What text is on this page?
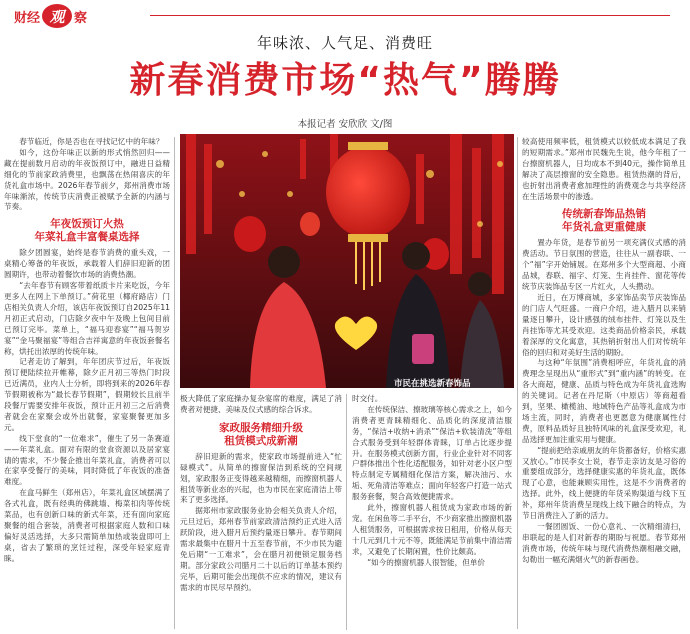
财经 观 察
年味浓、人气足、消费旺
新春消费市场“热气”腾腾
本报记者 安欣欣 文/图

春节临近，你是否也在寻找记忆中的年味？

如今，这份年味正以新的形式悄然回归——藏在提前数月启动的年夜饭预订中，融进日益精细化的节前家政消费里，也飘荡在热闹喜庆的年货礼盒市场中。2026年春节前夕，郑州消费市场年味渐浓，传统节庆消费正被赋予全新的内涵与节奏。

年夜饭预订火热
年菜礼盒丰富餐桌选择

除夕团圆宴，始终是春节消费的重头戏，一桌精心筹备的年夜饭，承载着人们辞旧迎新的团圆期许，也带动着餐饮市场的消费热潮。

“去年春节有顾客带着纸质卡片来吃饭，今年更多人在网上下单预订。”荷花里（椰府路店）门店相关负责人介绍，该店年夜饭预订自2025年11月初正式启动，门店除夕夜中午及晚上包间目前已预订完毕。菜单上，“福马迎春宴”“福马贺岁宴”“金马聚福宴”等组合吉祥寓意的年夜饭套餐名称，烘托出浓厚的传统年味。

记者走访了解到，年年团庆节过后，年夜饭预订便陆续拉开帷幕，除夕正月初三等热门时段已近满员，业内人士分析，即将到来的2026年春节假期被称为“最长春节假期”，假期较长且前半段餐厅需要安排年夜饭，预计正月初三之后消费者就会在家聚会或外出就餐，家宴聚餐更加多元。

线下堂食的“一位难求”，催生了另一条赛道——年菜礼盒。面对有限的堂食资源以及居家宴请的需求，不少餐企推出年菜礼盒，消费者可以在家享受餐厅的美味，同时降低了年夜饭的准备难度。

在盒马鲜生（郑州店），年菜礼盒区域摆满了各式礼盒，既有经典的佛跳墙、梅菜扣肉等传统菜品，也有创新口味的新式年菜，还有面向家庭聚餐的组合套装，消费者可根据家庭人数和口味偏好灵活选择，大多只需简单加热或装盘即可上桌，省去了繁琐的烹饪过程，深受年轻家庭青睐。

市民在挑选新春饰品

极大降低了家庭操办复杂宴席的难度，满足了消费者对便捷、美味及仪式感的综合诉求。

家政服务精细升级
租赁模式成新潮

辞旧迎新的需求，使家政市场提前进入“忙碌模式”。从简单的擦窗保洁到系统的空间规划，家政服务正变得越来越精细，而擦窗机器人租赁等新业态的兴起，也为市民在家庭清洁上带来了更多选择。

据郑州市家政服务业协会相关负责人介绍，元旦过后，郑州春节前家政清洁预约正式进入活跃阶段，进入腊月后预约量逐日攀升。春节期间需求最集中在腊月十五至春节前，不少市民为避免后期“一工难求”，会在腊月初便锁定服务档期。部分家政公司腊月二十以后的订单基本预约完毕，后期可能会出现供不应求的情况，建议有需求的市民尽早预约。

时交付。

在传统保洁、擦玻璃等核心需求之上，如今消费者更青睐精细化、品质化的深度清洁服务，“保洁+收纳+消杀”“保洁+软装清洗”等组合式服务受到年轻群体青睐，订单占比逐步提升。在服务模式创新方面，行业企业针对不同客户群体推出个性化适配服务，如针对老小区户型特点制定专属精细化保洁方案，解决油污、水垢、死角清洁等难点；面向年轻客户打造一站式服务套餐，契合高效便捷需求。

此外，擦窗机器人租赁成为家政市场的新宠。在闲鱼等二手平台，不少商家推出擦窗机器人租赁服务，可根据需求按日租用，价格从每天十几元到几十元不等，既能满足节前集中清洁需求，又避免了长期闲置，性价比颇高。

“如今的擦窗机器人很智能，但单价

较高使用频率低，租赁模式以较低成本满足了我的短期需求。”郑州市民魏先生说，他今年租了一台擦窗机器人，日均成本不到40元，操作简单且解决了高层擦窗的安全隐患。租赁热潮的背后，也折射出消费者愈加理性的消费观念与共享经济在生活场景中的渗透。

传统新春饰品热销
年货礼盒更重健康

置办年货，是春节前另一项充满仪式感的消费活动。节日氛围的营造，往往从一副春联、一个“福”字开始铺展。在郑州多个大型商超、小商品城，春联、福字、灯笼、生肖挂件、窗花等传统节庆装饰品专区一片红火，人头攒动。

近日，在万博商城，多家饰品卖节庆装饰品的门店人气旺盛。一商户介绍，进入腊月以来销量逐日攀升，设计感强的绒布挂件、灯笼以及生肖挂饰等尤其受欢迎。这类商品价格亲民，承载着深厚的文化寓意，其热销折射出人们对传统年俗的回归和对美好生活的期盼。

与这种“年氛围”消费相呼应，年货礼盒的消费理念呈现出从“重形式”到“重内涵”的转变。在各大商超，健康、品质与特色成为年货礼盒选购的关键词。记者在丹尼斯（中原店）等商超看到，坚果、橄榄油、地域特色产品等礼盒成为市场主流，同时，消费者也更愿意为健康属性付费，原料品质好且独特风味的礼盒深受欢迎，礼品选择更加注重实用与健康。

“提前把给亲戚朋友的年货都备好，价格实惠又放心。”市民李女士说，春节走亲访友是习俗的重要组成部分，选择健康实惠的年货礼盒，既体现了心意，也能兼顾实用性，这是不少消费者的选择。此外，线上便捷的年货采购渠道与线下互补，郑州年货消费呈现线上线下融合的特点，为节日消费注入了新的活力。

一餐团圆饭、一份心意礼、一次精细清扫，串联起的是人们对新春的期盼与祝愿。春节郑州消费市场，传统年味与现代消费热潮相融交融，勾勒出一幅充满烟火气的新春画卷。
